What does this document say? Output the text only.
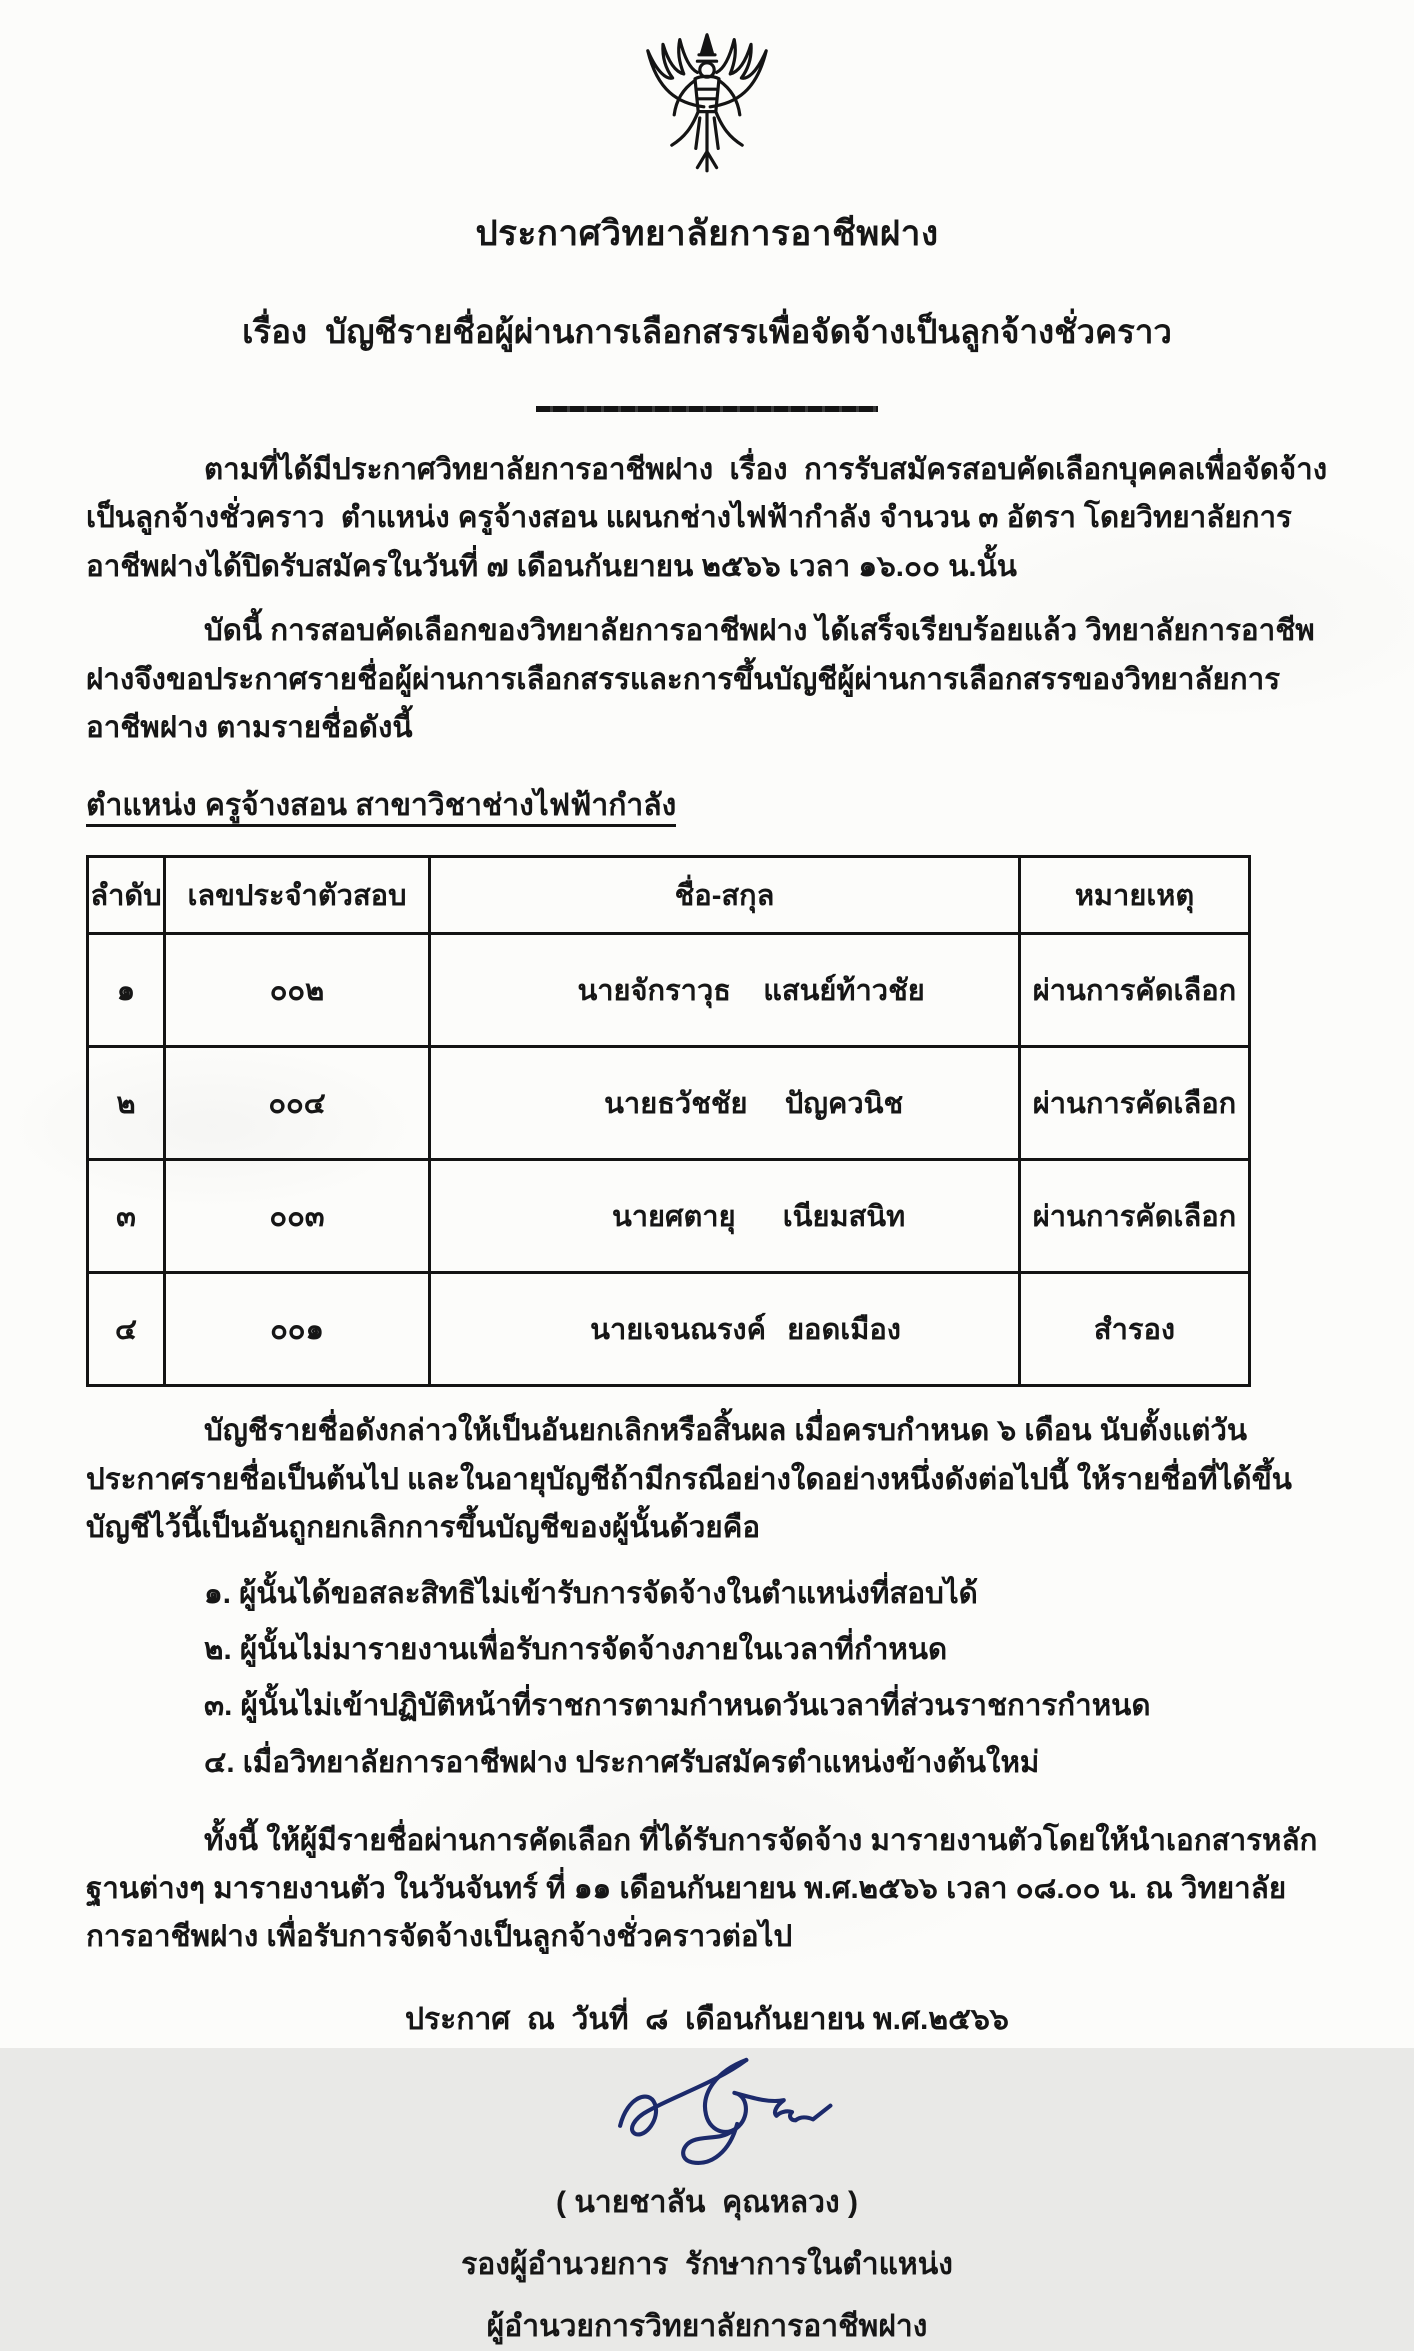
ประกาศวิทยาลัยการอาชีพฝาง
เรื่อง  บัญชีรายชื่อผู้ผ่านการเลือกสรรเพื่อจัดจ้างเป็นลูกจ้างชั่วคราว

ตามที่ได้มีประกาศวิทยาลัยการอาชีพฝาง  เรื่อง  การรับสมัครสอบคัดเลือกบุคคลเพื่อจัดจ้างเป็นลูกจ้างชั่วคราว  ตำแหน่ง ครูจ้างสอน แผนกช่างไฟฟ้ากำลัง จำนวน ๓ อัตรา โดยวิทยาลัยการอาชีพฝางได้ปิดรับสมัครในวันที่ ๗ เดือนกันยายน ๒๕๖๖ เวลา ๑๖.๐๐ น.นั้น

บัดนี้ การสอบคัดเลือกของวิทยาลัยการอาชีพฝาง ได้เสร็จเรียบร้อยแล้ว วิทยาลัยการอาชีพฝางจึงขอประกาศรายชื่อผู้ผ่านการเลือกสรรและการขึ้นบัญชีผู้ผ่านการเลือกสรรของวิทยาลัยการอาชีพฝาง ตามรายชื่อดังนี้

ตำแหน่ง ครูจ้างสอน สาขาวิชาช่างไฟฟ้ากำลัง
ลำดับ	เลขประจำตัวสอบ	ชื่อ-สกุล	หมายเหตุ
๑	๐๐๒	นายจักราวุธ แสนย์ท้าวชัย	ผ่านการคัดเลือก
๒	๐๐๔	นายธวัชชัย ปัญควนิช	ผ่านการคัดเลือก
๓	๐๐๓	นายศตายุ เนียมสนิท	ผ่านการคัดเลือก
๔	๐๐๑	นายเจนณรงค์ ยอดเมือง	สำรอง

บัญชีรายชื่อดังกล่าวให้เป็นอันยกเลิกหรือสิ้นผล เมื่อครบกำหนด ๖ เดือน นับตั้งแต่วันประกาศรายชื่อเป็นต้นไป และในอายุบัญชีถ้ามีกรณีอย่างใดอย่างหนึ่งดังต่อไปนี้ ให้รายชื่อที่ได้ขึ้นบัญชีไว้นี้เป็นอันถูกยกเลิกการขึ้นบัญชีของผู้นั้นด้วยคือ

๑. ผู้นั้นได้ขอสละสิทธิไม่เข้ารับการจัดจ้างในตำแหน่งที่สอบได้
๒. ผู้นั้นไม่มารายงานเพื่อรับการจัดจ้างภายในเวลาที่กำหนด
๓. ผู้นั้นไม่เข้าปฏิบัติหน้าที่ราชการตามกำหนดวันเวลาที่ส่วนราชการกำหนด
๔. เมื่อวิทยาลัยการอาชีพฝาง ประกาศรับสมัครตำแหน่งข้างต้นใหม่

ทั้งนี้ ให้ผู้มีรายชื่อผ่านการคัดเลือก ที่ได้รับการจัดจ้าง มารายงานตัวโดยให้นำเอกสารหลักฐานต่างๆ มารายงานตัว ในวันจันทร์ ที่ ๑๑ เดือนกันยายน พ.ศ.๒๕๖๖ เวลา ๐๘.๐๐ น. ณ วิทยาลัยการอาชีพฝาง เพื่อรับการจัดจ้างเป็นลูกจ้างชั่วคราวต่อไป

ประกาศ  ณ  วันที่  ๘  เดือนกันยายน พ.ศ.๒๕๖๖
( นายชาลัน  คุณหลวง )
รองผู้อำนวยการ  รักษาการในตำแหน่ง
ผู้อำนวยการวิทยาลัยการอาชีพฝาง
